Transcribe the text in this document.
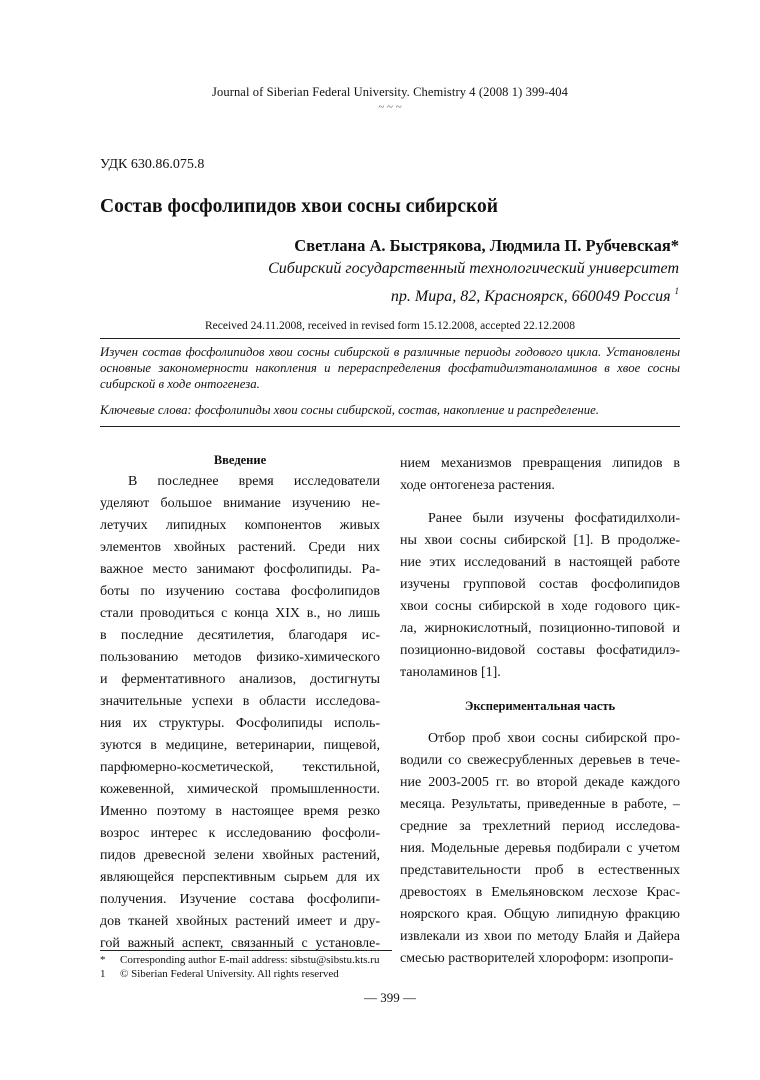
Journal of Siberian Federal University. Chemistry 4 (2008 1) 399-404
~ ~ ~
УДК 630.86.075.8
Состав фосфолипидов хвои сосны сибирской
Светлана А. Быстрякова, Людмила П. Рубчевская*
Сибирский государственный технологический университет
пр. Мира, 82, Красноярск, 660049 Россия $^1$
Received 24.11.2008, received in revised form 15.12.2008, accepted 22.12.2008
Изучен состав фосфолипидов хвои сосны сибирской в различные периоды годового цикла. Установлены основные закономерности накопления и перераспределения фосфатидилэтаноламинов в хвое сосны сибирской в ходе онтогенеза.
Ключевые слова: фосфолипиды хвои сосны сибирской, состав, накопление и распределение.
Введение
В последнее время исследователи
уделяют большое внимание изучению не-
летучих липидных компонентов живых
элементов хвойных растений. Среди них
важное место занимают фосфолипиды. Ра-
боты по изучению состава фосфолипидов
стали проводиться с конца XIX в., но лишь
в последние десятилетия, благодаря ис-
пользованию методов физико-химического
и ферментативного анализов, достигнуты
значительные успехи в области исследова-
ния их структуры. Фосфолипиды исполь-
зуются в медицине, ветеринарии, пищевой,
парфюмерно-косметической, текстильной,
кожевенной, химической промышленности.
Именно поэтому в настоящее время резко
возрос интерес к исследованию фосфоли-
пидов древесной зелени хвойных растений,
являющейся перспективным сырьем для их
получения. Изучение состава фосфолипи-
дов тканей хвойных растений имеет и дру-
гой важный аспект, связанный с установле-
нием механизмов превращения липидов в
ходе онтогенеза растения.
Ранее были изучены фосфатидилхоли-
ны хвои сосны сибирской [1]. В продолже-
ние этих исследований в настоящей работе
изучены групповой состав фосфолипидов
хвои сосны сибирской в ходе годового цик-
ла, жирнокислотный, позиционно-типовой и
позиционно-видовой составы фосфатидилэ-
таноламинов [1].
Экспериментальная часть
Отбор проб хвои сосны сибирской про-
водили со свежесрубленных деревьев в тече-
ние 2003-2005 гг. во второй декаде каждого
месяца. Результаты, приведенные в работе, –
средние за трехлетний период исследова-
ния. Модельные деревья подбирали с учетом
представительности проб в естественных
древостоях в Емельяновском лесхозе Крас-
ноярского края. Общую липидную фракцию
извлекали из хвои по методу Блайя и Дайера
смесью растворителей хлороформ: изопропи-
* Corresponding author E-mail address: sibstu@sibstu.kts.ru
1 © Siberian Federal University. All rights reserved
— 399 —
